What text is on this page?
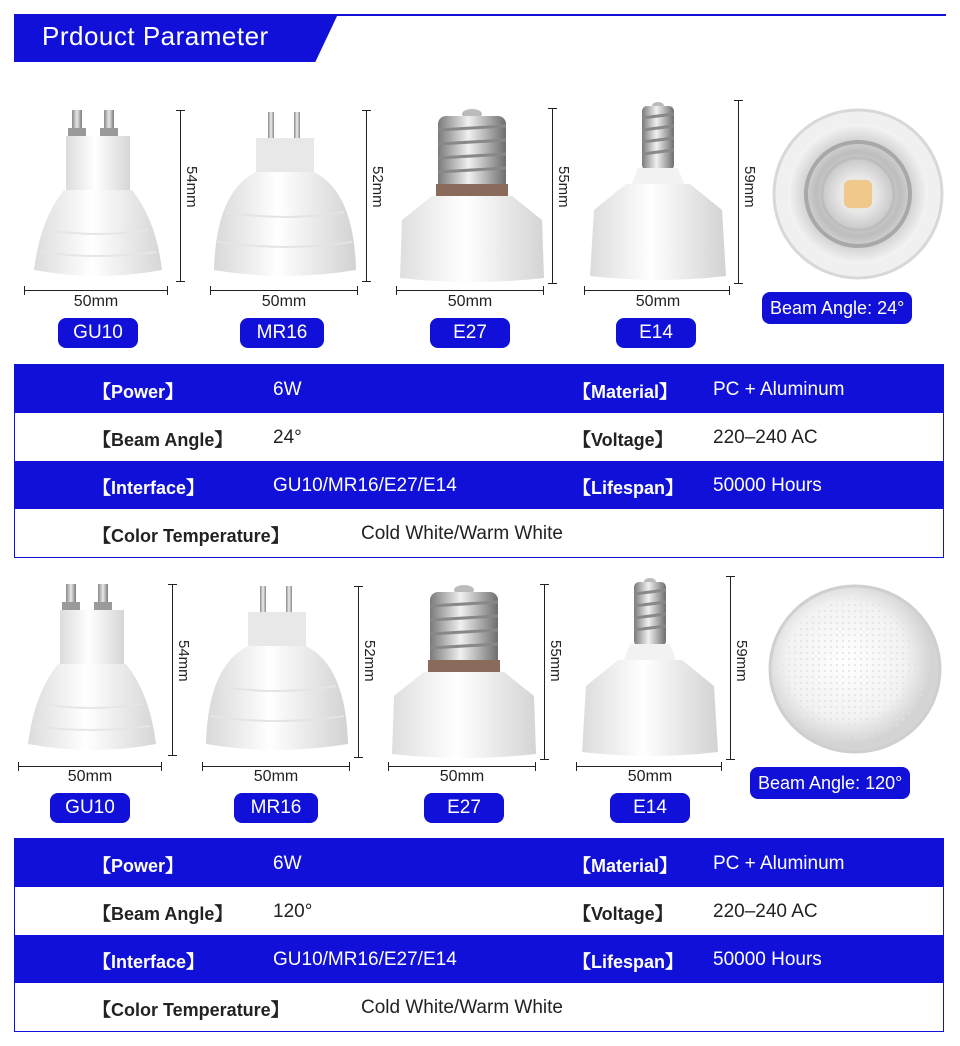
Prdouct Parameter
54mm
50mm
GU10
52mm
50mm
MR16
55mm
50mm
E27
59mm
50mm
E14
Beam Angle: 24°
【Power】	6W	【Material】 PC + Aluminum
【Beam Angle】 24°	【Voltage】 220–240 AC
【Interface】	GU10/MR16/E27/E14	【Lifespan】 50000 Hours
【Color Temperature】	Cold White/Warm White
54mm
50mm
GU10
52mm
50mm
MR16
55mm
50mm
E27
59mm
50mm
E14
Beam Angle: 120°
【Power】	6W	【Material】 PC + Aluminum
【Beam Angle】 120°	【Voltage】 220–240 AC
【Interface】	GU10/MR16/E27/E14	【Lifespan】 50000 Hours
【Color Temperature】	Cold White/Warm White
